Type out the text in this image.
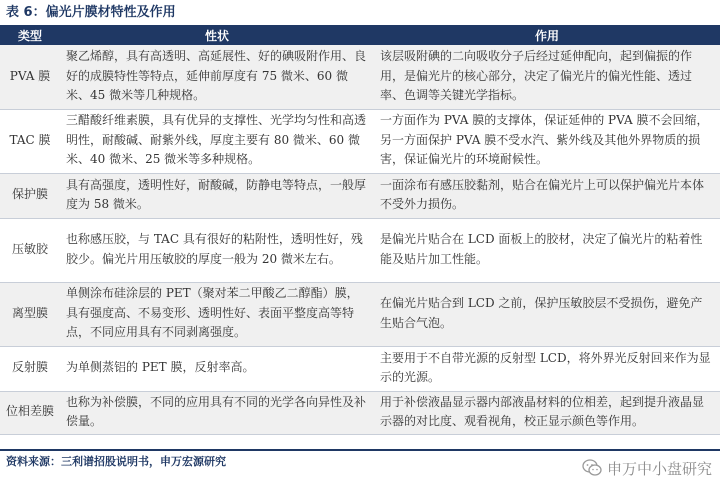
表 6：偏光片膜材特性及作用
类型	性状	作用
PVA 膜	聚乙烯醇，具有高透明、高延展性、好的碘吸附作用、良好的成膜特性等特点，延伸前厚度有 75 微米、60 微米、45 微米等几种规格。	该层吸附碘的二向吸收分子后经过延伸配向，起到偏振的作用，是偏光片的核心部分，决定了偏光片的偏光性能、透过率、色调等关键光学指标。
TAC 膜	三醋酸纤维素膜，具有优异的支撑性、光学均匀性和高透明性，耐酸碱、耐紫外线，厚度主要有 80 微米、60 微米、40 微米、25 微米等多种规格。	一方面作为 PVA 膜的支撑体，保证延伸的 PVA 膜不会回缩，另一方面保护 PVA 膜不受水汽、紫外线及其他外界物质的损害，保证偏光片的环境耐候性。
保护膜	具有高强度，透明性好，耐酸碱，防静电等特点，一般厚度为 58 微米。	一面涂布有感压胶黏剂，贴合在偏光片上可以保护偏光片本体不受外力损伤。
压敏胶	也称感压胶，与 TAC 具有很好的粘附性，透明性好，残胶少。偏光片用压敏胶的厚度一般为 20 微米左右。	是偏光片贴合在 LCD 面板上的胶材，决定了偏光片的粘着性能及贴片加工性能。
离型膜	单侧涂布硅涂层的 PET（聚对苯二甲酸乙二醇酯）膜，具有强度高、不易变形、透明性好、表面平整度高等特点，不同应用具有不同剥离强度。	在偏光片贴合到 LCD 之前，保护压敏胶层不受损伤，避免产生贴合气泡。
反射膜	为单侧蒸铝的 PET 膜，反射率高。	主要用于不自带光源的反射型 LCD，将外界光反射回来作为显示的光源。
位相差膜	也称为补偿膜，不同的应用具有不同的光学各向异性及补偿量。	用于补偿液晶显示器内部液晶材料的位相差，起到提升液晶显示器的对比度、观看视角，校正显示颜色等作用。
资料来源：三利谱招股说明书，申万宏源研究	申万中小盘研究
